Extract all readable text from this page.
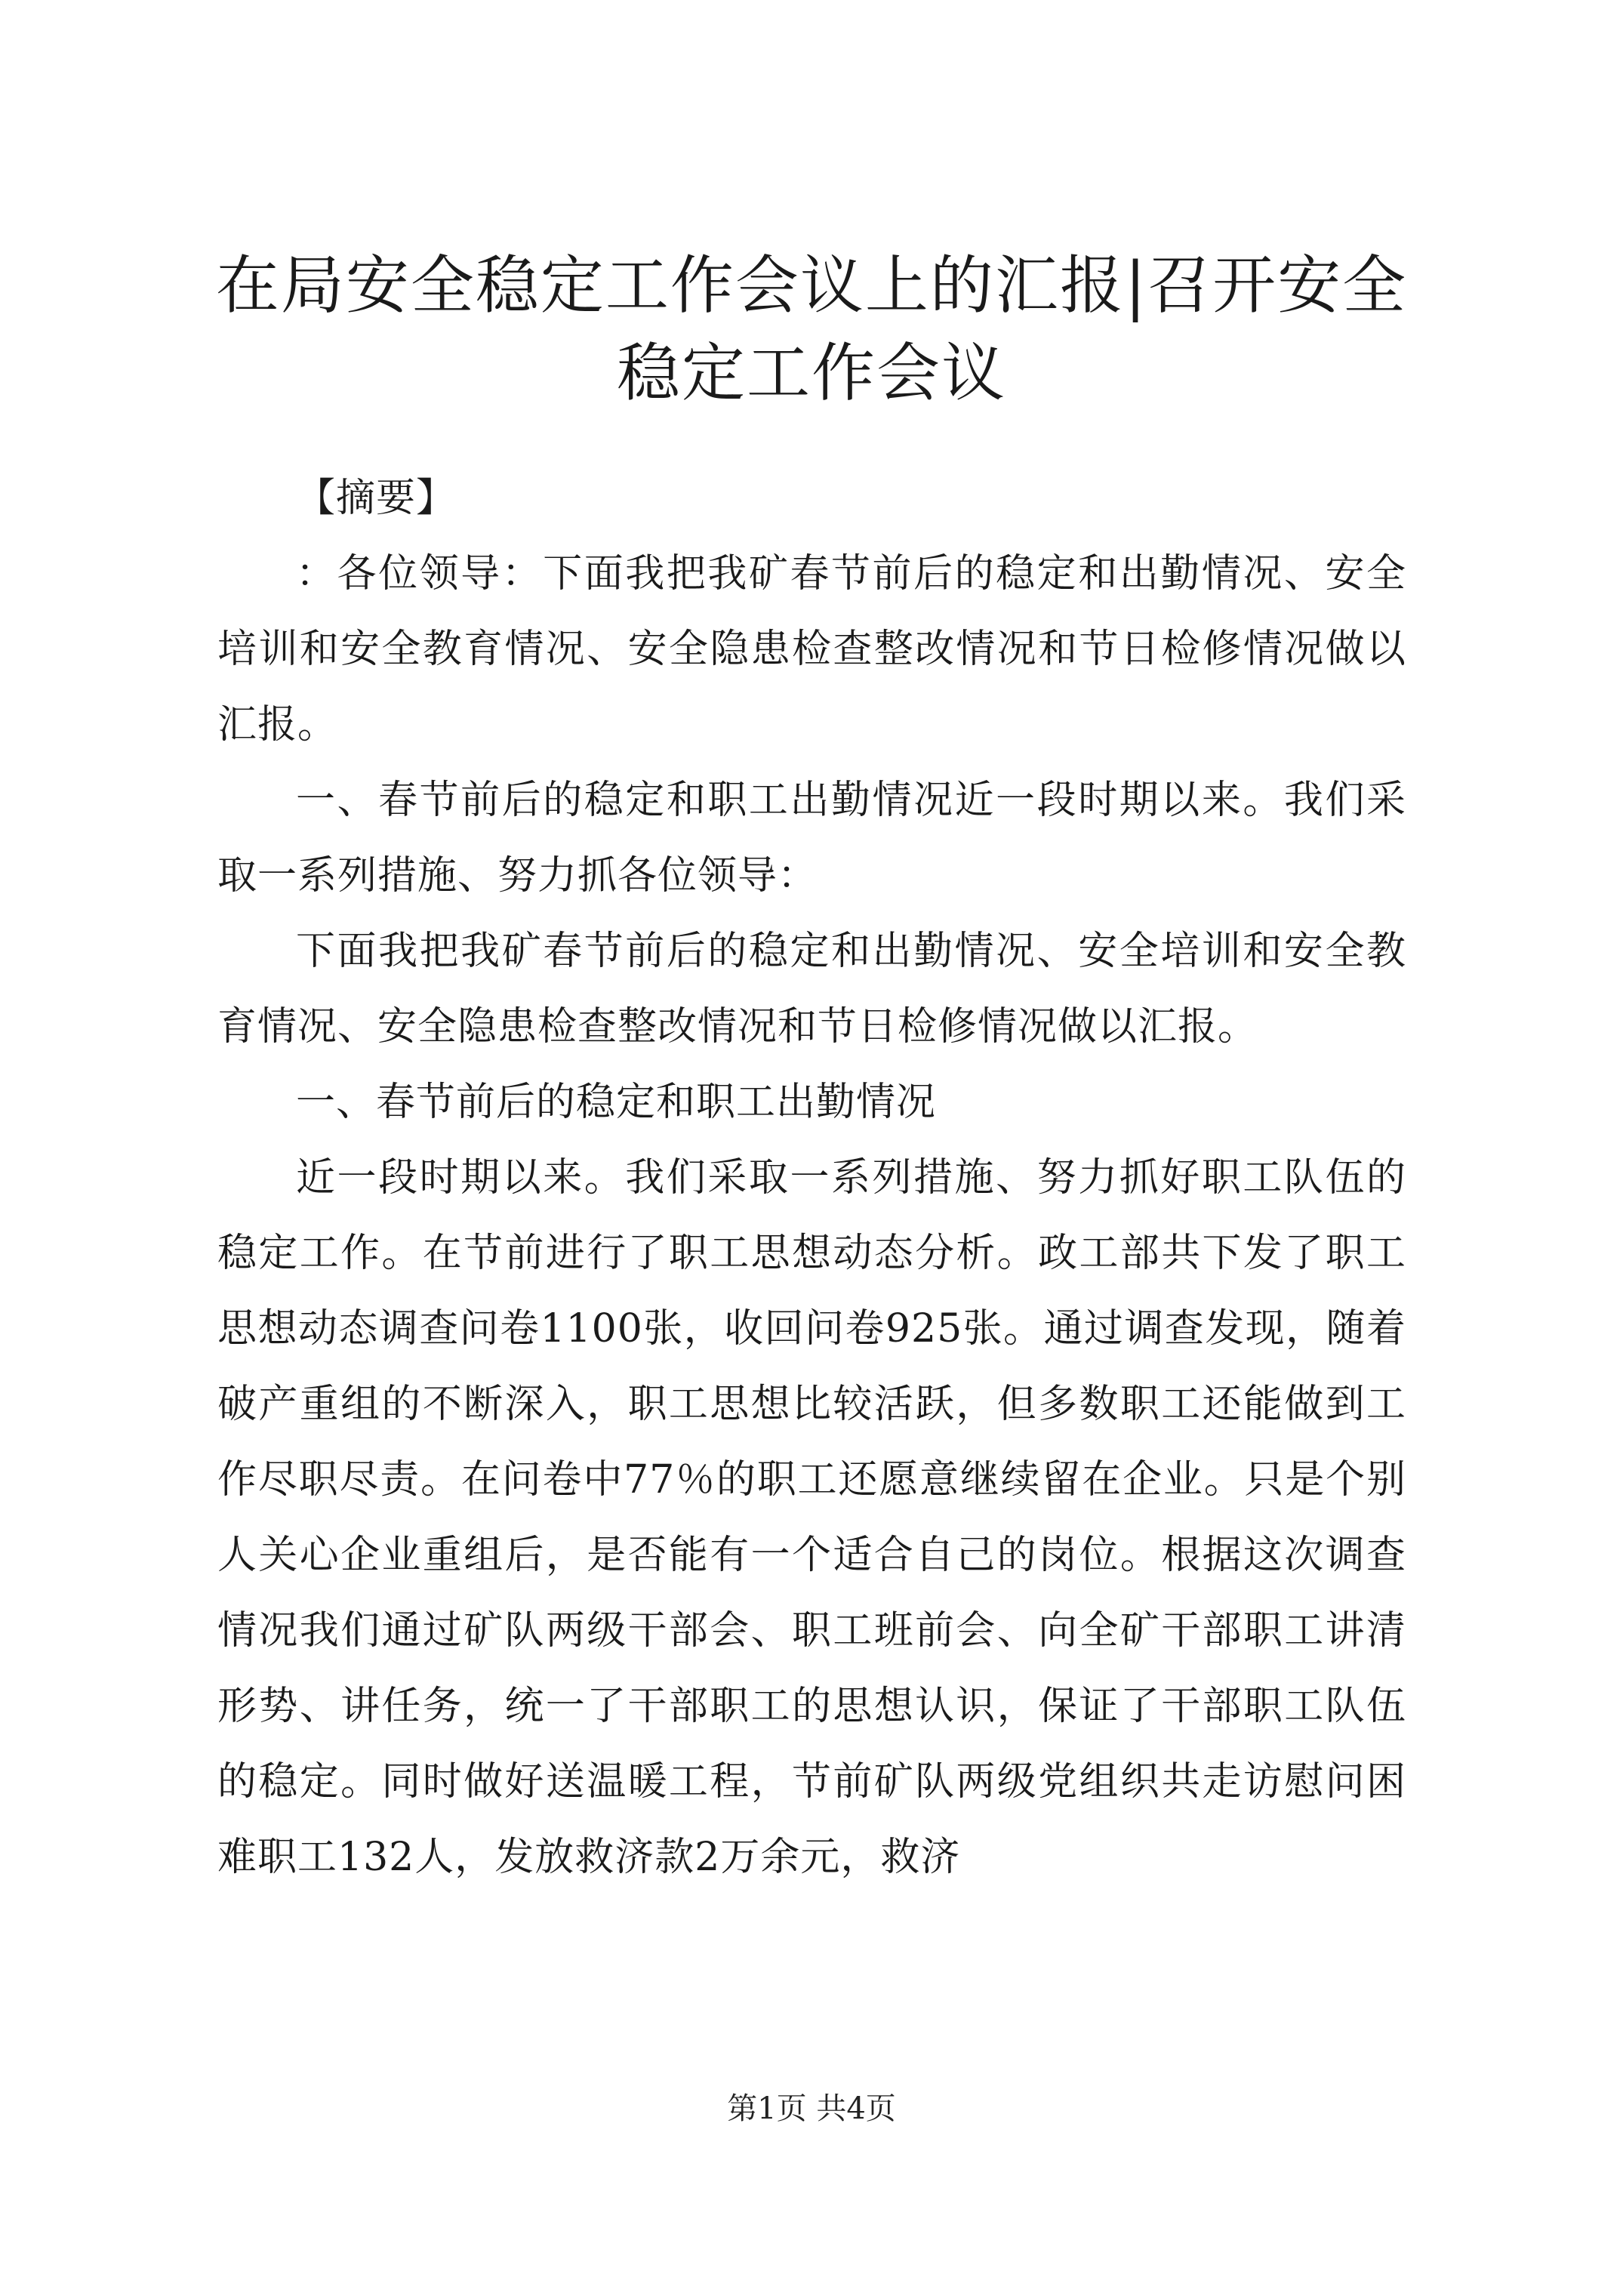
在局安全稳定工作会议上的汇报|召开安全稳定工作会议

【摘要】

：各位领导：下面我把我矿春节前后的稳定和出勤情况、安全培训和安全教育情况、安全隐患检查整改情况和节日检修情况做以汇报。

一、春节前后的稳定和职工出勤情况近一段时期以来。我们采取一系列措施、努力抓各位领导：

下面我把我矿春节前后的稳定和出勤情况、安全培训和安全教育情况、安全隐患检查整改情况和节日检修情况做以汇报。

一、春节前后的稳定和职工出勤情况

近一段时期以来。我们采取一系列措施、努力抓好职工队伍的稳定工作。在节前进行了职工思想动态分析。政工部共下发了职工思想动态调查问卷1100张，收回问卷925张。通过调查发现，随着破产重组的不断深入，职工思想比较活跃，但多数职工还能做到工作尽职尽责。在问卷中77％的职工还愿意继续留在企业。只是个别人关心企业重组后，是否能有一个适合自己的岗位。根据这次调查情况我们通过矿队两级干部会、职工班前会、向全矿干部职工讲清形势、讲任务，统一了干部职工的思想认识，保证了干部职工队伍的稳定。同时做好送温暖工程，节前矿队两级党组织共走访慰问困难职工132人，发放救济款2万余元，救济

第1页 共4页
